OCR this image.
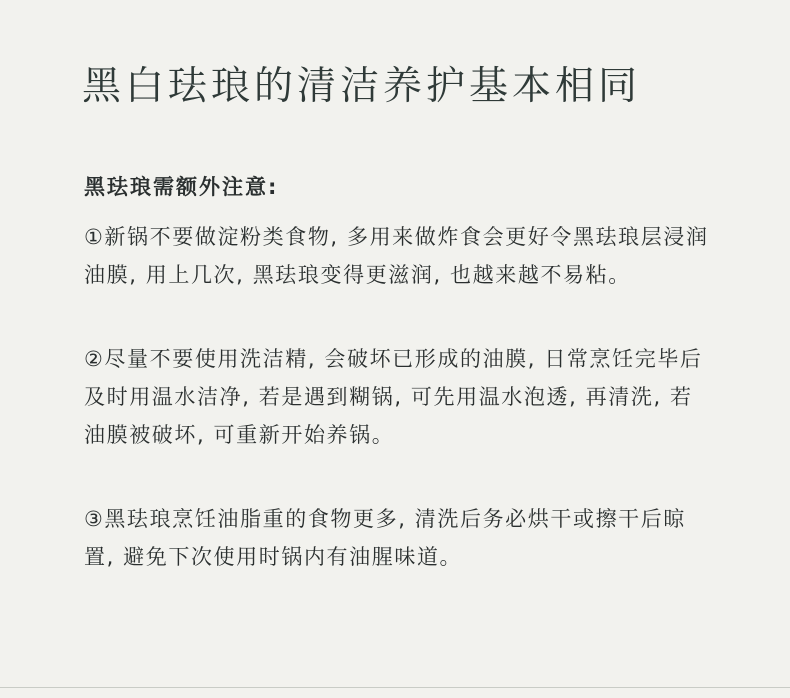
黑白珐琅的清洁养护基本相同
黑珐琅需额外注意:

①新锅不要做淀粉类食物, 多用来做炸食会更好令黑珐琅层浸润油膜, 用上几次, 黑珐琅变得更滋润, 也越来越不易粘。

②尽量不要使用洗洁精, 会破坏已形成的油膜, 日常烹饪完毕后及时用温水洁净, 若是遇到糊锅, 可先用温水泡透, 再清洗, 若油膜被破坏, 可重新开始养锅。

③黑珐琅烹饪油脂重的食物更多, 清洗后务必烘干或擦干后晾置, 避免下次使用时锅内有油腥味道。
